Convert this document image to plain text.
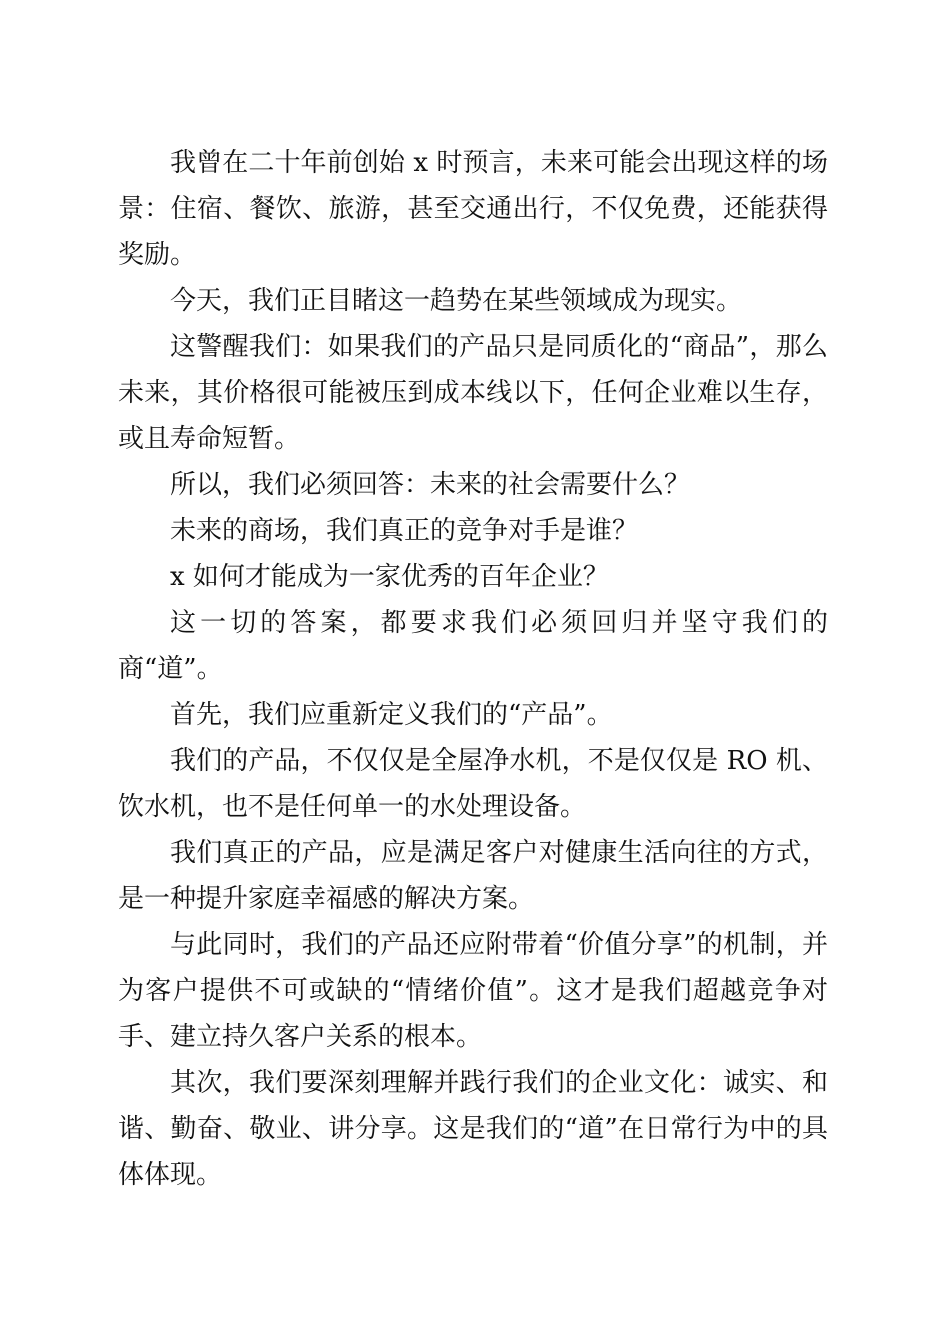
我曾在二十年前创始 x 时预言，未来可能会出现这样的场景：住宿、餐饮、旅游，甚至交通出行，不仅免费，还能获得奖励。

今天，我们正目睹这一趋势在某些领域成为现实。

这警醒我们：如果我们的产品只是同质化的“商品”，那么未来，其价格很可能被压到成本线以下，任何企业难以生存，或且寿命短暂。

所以，我们必须回答：未来的社会需要什么？

未来的商场，我们真正的竞争对手是谁？

x 如何才能成为一家优秀的百年企业？

这一切的答案，都要求我们必须回归并坚守我们的商“道”。

首先，我们应重新定义我们的“产品”。

我们的产品，不仅仅是全屋净水机，不是仅仅是 RO 机、饮水机，也不是任何单一的水处理设备。

我们真正的产品，应是满足客户对健康生活向往的方式，是一种提升家庭幸福感的解决方案。

与此同时，我们的产品还应附带着“价值分享”的机制，并为客户提供不可或缺的“情绪价值”。这才是我们超越竞争对手、建立持久客户关系的根本。

其次，我们要深刻理解并践行我们的企业文化：诚实、和谐、勤奋、敬业、讲分享。这是我们的“道”在日常行为中的具体体现。
